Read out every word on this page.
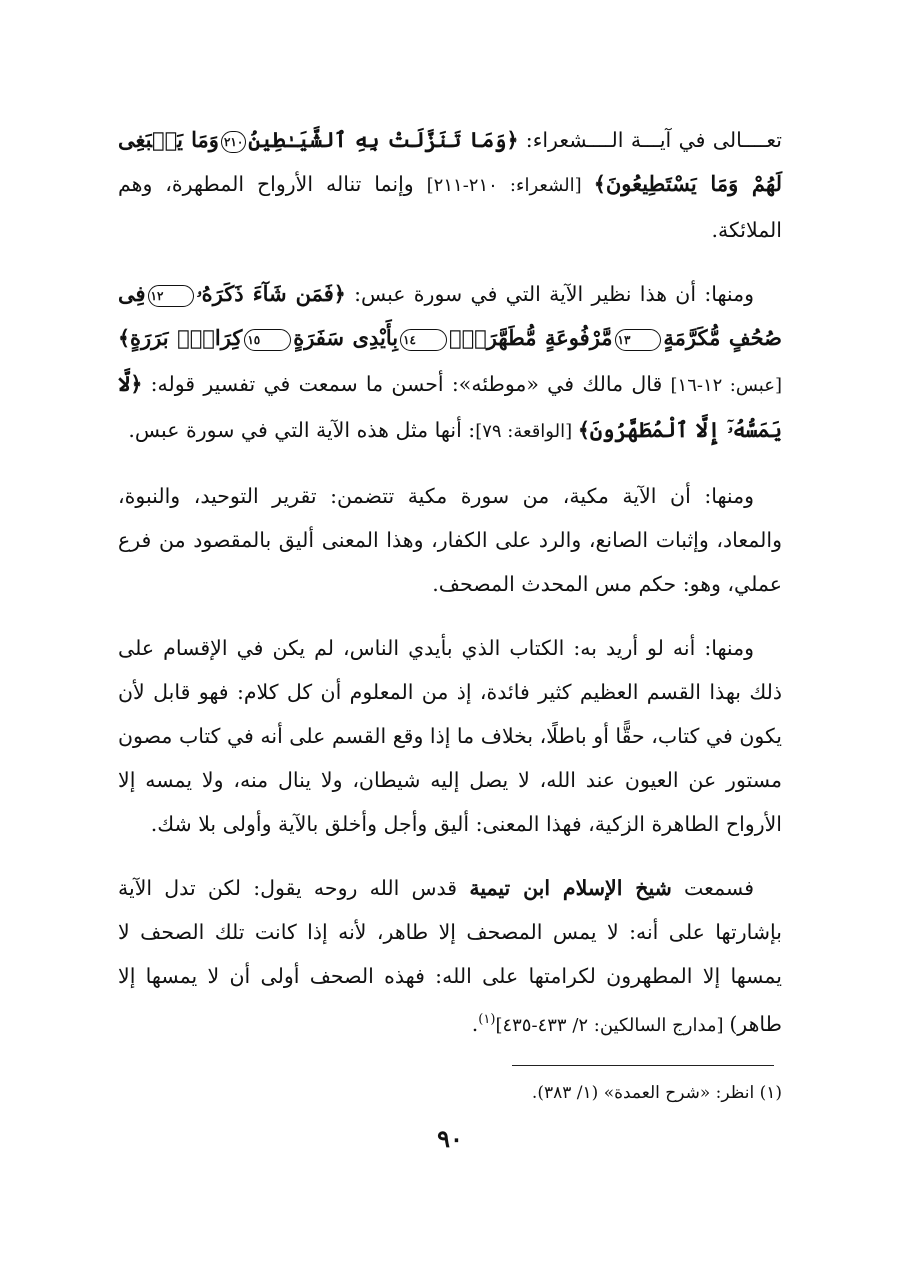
تعــــالى في آيـــة الــــشعراء: ﴿وَمَا تَنَزَّلَتْ بِهِ ٱلشَّيَـٰطِينُ٢١٠وَمَا يَنۢبَغِى لَهُمْ وَمَا يَسْتَطِيعُونَ﴾ [الشعراء: ٢١٠-٢١١] وإنما تناله الأرواح المطهرة، وهم الملائكة.

ومنها: أن هذا نظير الآية التي في سورة عبس: ﴿فَمَن شَآءَ ذَكَرَهُۥ١٢فِى صُحُفٍ مُّكَرَّمَةٍ١٣مَّرْفُوعَةٍ مُّطَهَّرَةٍۭ١٤بِأَيْدِى سَفَرَةٍ١٥كِرَامٍۭ بَرَرَةٍ﴾ [عبس: ١٢-١٦] قال مالك في «موطئه»: أحسن ما سمعت في تفسير قوله: ﴿لَّا يَمَسُّهُۥٓ إِلَّا ٱلْمُطَهَّرُونَ﴾ [الواقعة: ٧٩]: أنها مثل هذه الآية التي في سورة عبس.

ومنها: أن الآية مكية، من سورة مكية تتضمن: تقرير التوحيد، والنبوة، والمعاد، وإثبات الصانع، والرد على الكفار، وهذا المعنى أليق بالمقصود من فرع عملي، وهو: حكم مس المحدث المصحف.

ومنها: أنه لو أريد به: الكتاب الذي بأيدي الناس، لم يكن في الإقسام على ذلك بهذا القسم العظيم كثير فائدة، إذ من المعلوم أن كل كلام: فهو قابل لأن يكون في كتاب، حقًّا أو باطلًا، بخلاف ما إذا وقع القسم على أنه في كتاب مصون مستور عن العيون عند الله، لا يصل إليه شيطان، ولا ينال منه، ولا يمسه إلا الأرواح الطاهرة الزكية، فهذا المعنى: أليق وأجل وأخلق بالآية وأولى بلا شك.

فسمعت شيخ الإسلام ابن تيمية قدس الله روحه يقول: لكن تدل الآية بإشارتها على أنه: لا يمس المصحف إلا طاهر، لأنه إذا كانت تلك الصحف لا يمسها إلا المطهرون لكرامتها على الله: فهذه الصحف أولى أن لا يمسها إلا طاهر) [مدارج السالكين: ٢/ ٤٣٣-٤٣٥]$^{(١)}$.

(١) انظر: «شرح العمدة» (١/ ٣٨٣).
٩٠
